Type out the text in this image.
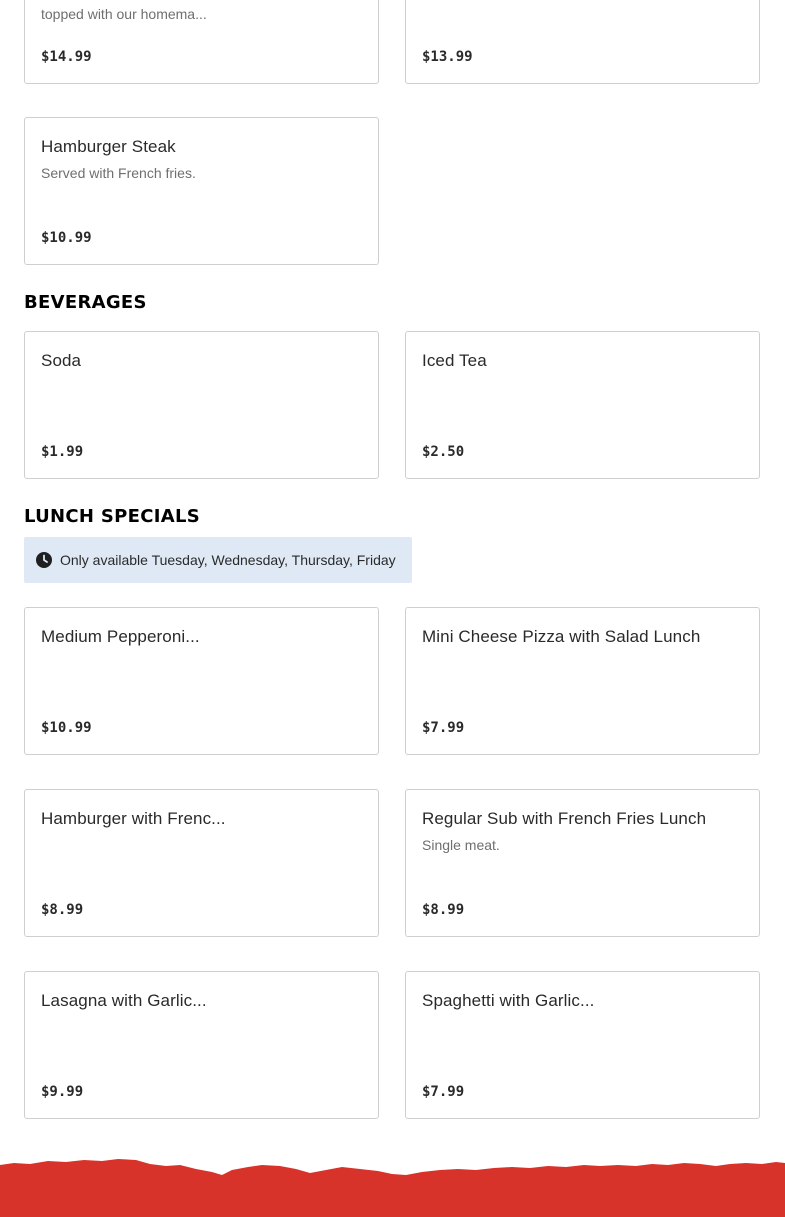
topped with our homema...
$14.99	$13.99
Hamburger Steak
Served with French fries.
$10.99
BEVERAGES
Soda
$1.99
Iced Tea
$2.50
LUNCH SPECIALS
Only available Tuesday, Wednesday, Thursday, Friday
Medium Pepperoni...
$10.99
Mini Cheese Pizza with Salad Lunch
$7.99
Hamburger with Frenc...
$8.99
Regular Sub with French Fries Lunch
Single meat.
$8.99
Lasagna with Garlic...
$9.99
Spaghetti with Garlic...
$7.99
